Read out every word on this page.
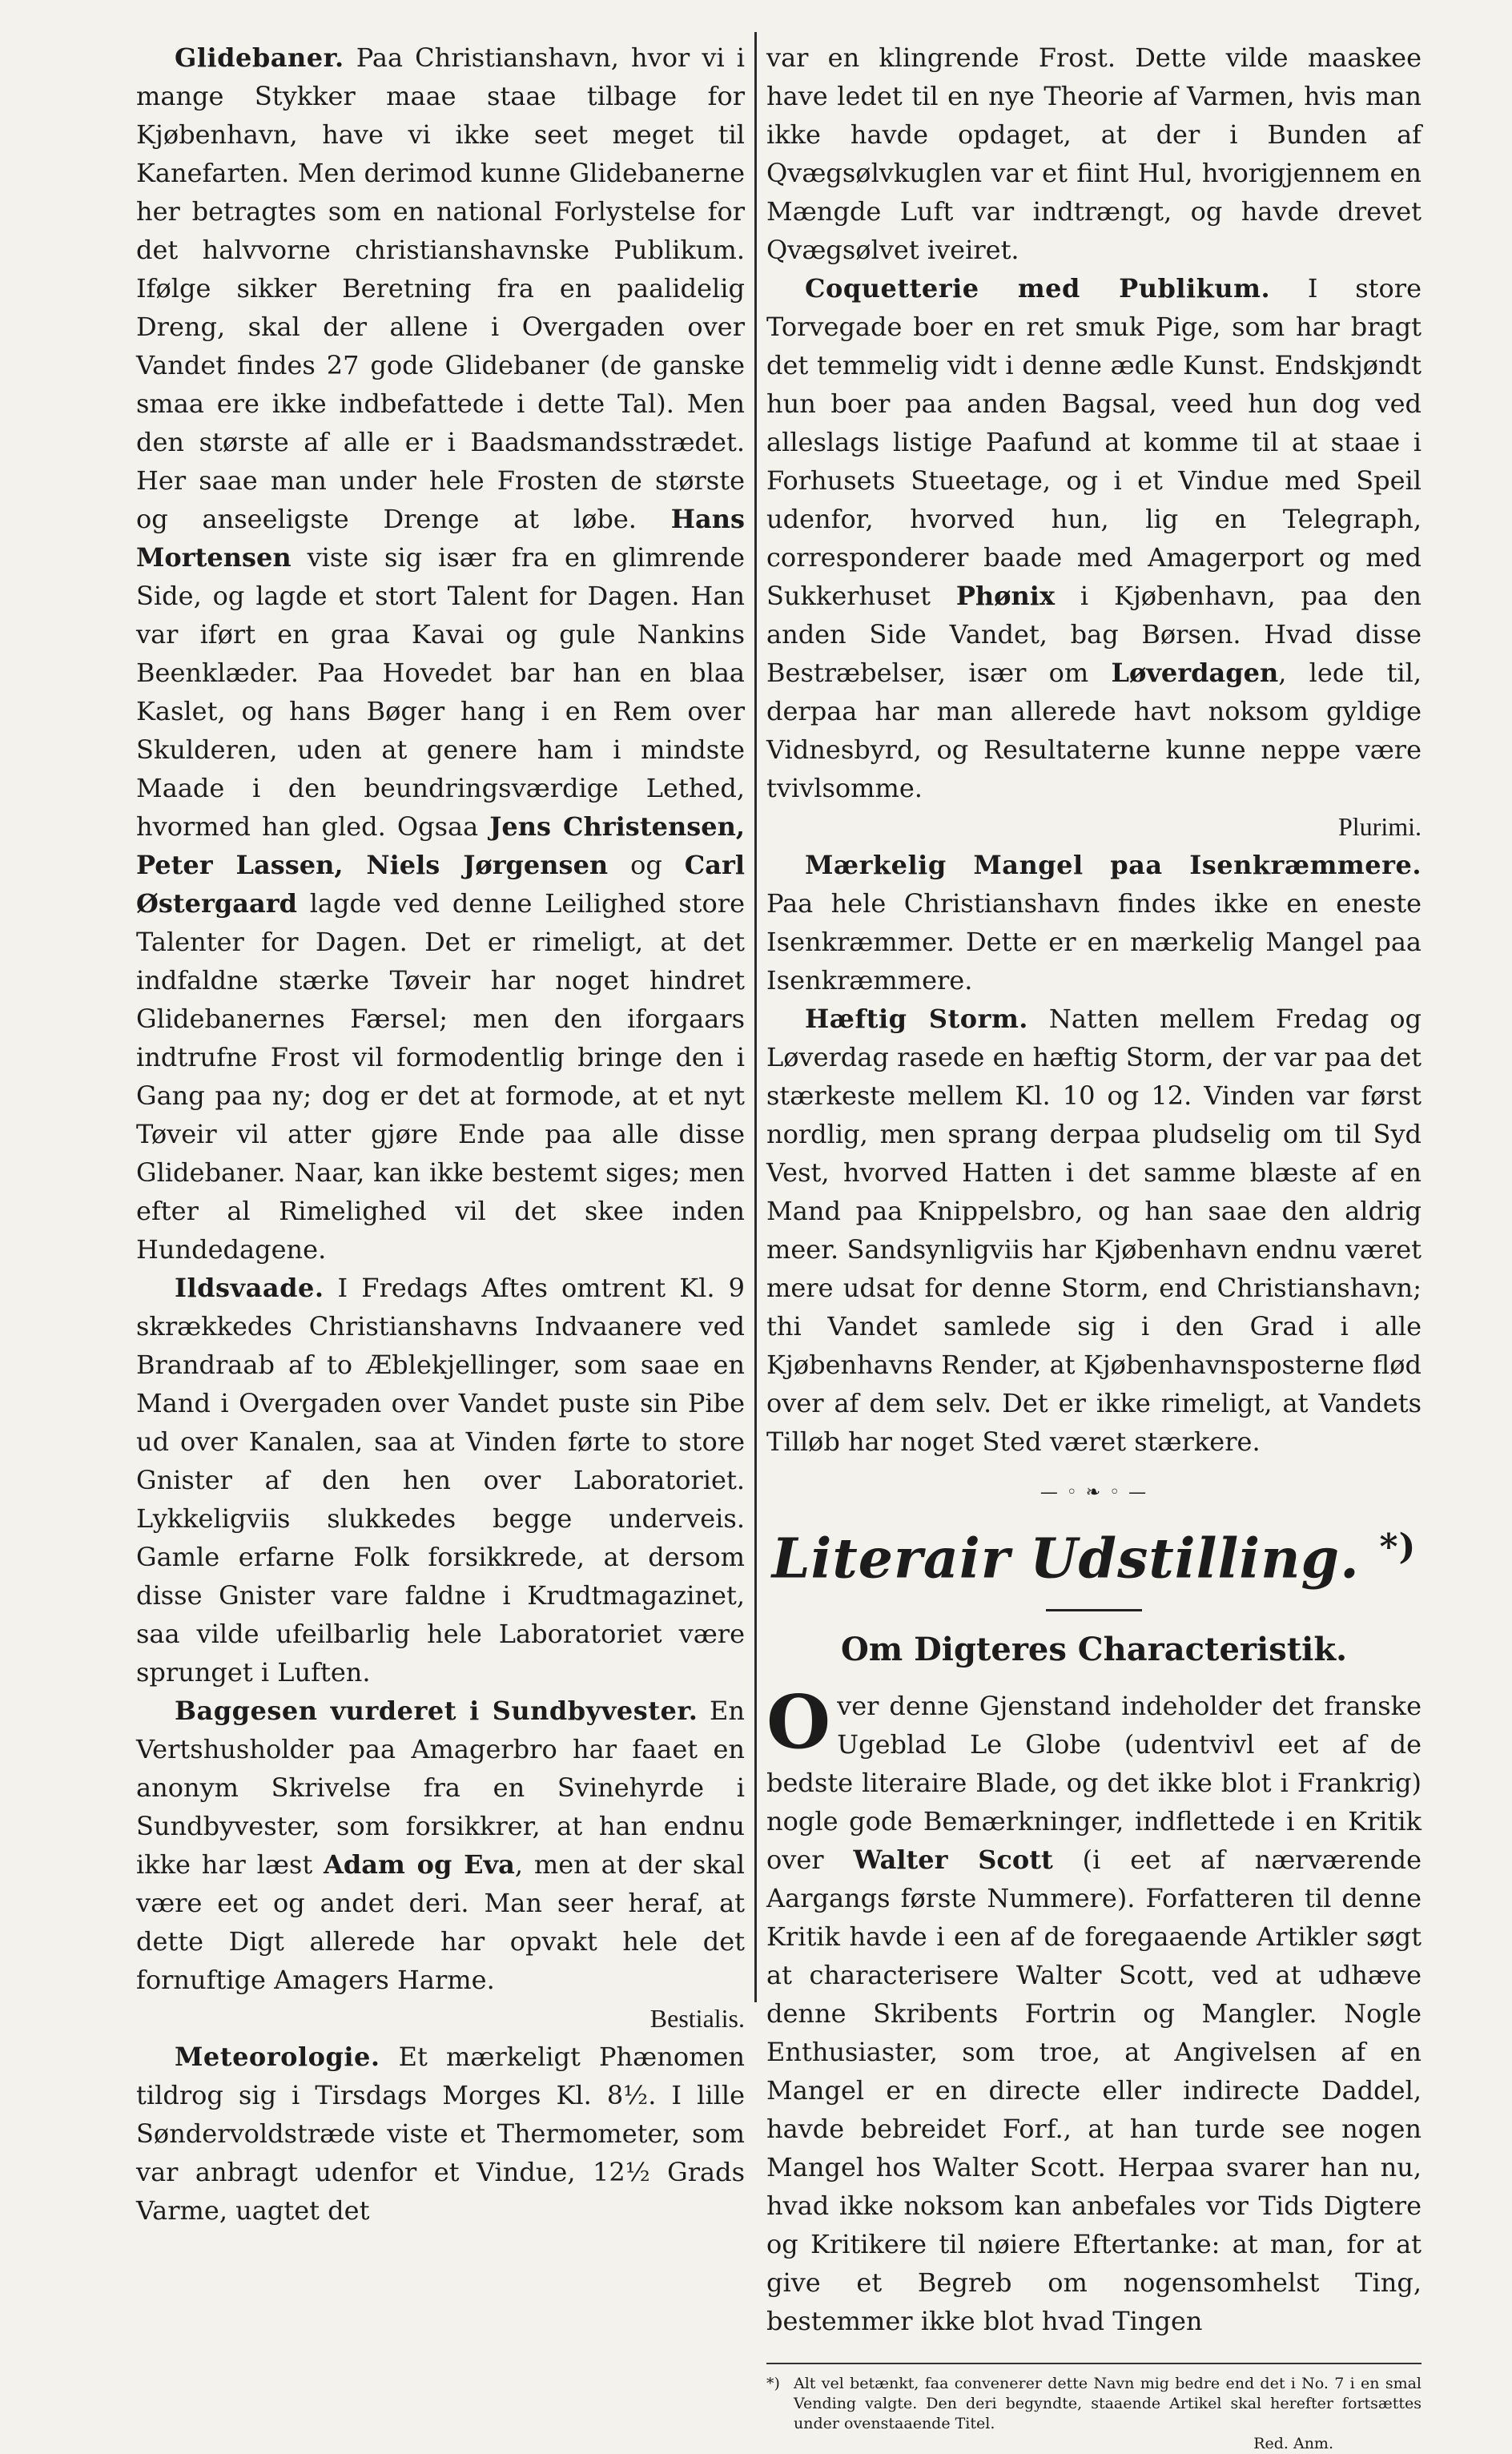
Glidebaner. Paa Christianshavn, hvor vi i mange Stykker maae staae tilbage for Kjøbenhavn, have vi ikke seet meget til Kanefarten. Men derimod kunne Glidebanerne her betragtes som en national Forlystelse for det halvvorne christianshavnske Publikum. Ifølge sikker Beretning fra en paalidelig Dreng, skal der allene i Overgaden over Vandet findes 27 gode Glidebaner (de ganske smaa ere ikke indbefattede i dette Tal). Men den største af alle er i Baadsmandsstrædet. Her saae man under hele Frosten de største og anseeligste Drenge at løbe. Hans Mortensen viste sig især fra en glimrende Side, og lagde et stort Talent for Dagen. Han var iført en graa Kavai og gule Nankins Beenklæder. Paa Hovedet bar han en blaa Kaslet, og hans Bøger hang i en Rem over Skulderen, uden at genere ham i mindste Maade i den beundringsværdige Lethed, hvormed han gled. Ogsaa Jens Christensen, Peter Lassen, Niels Jørgensen og Carl Østergaard lagde ved denne Leilighed store Talenter for Dagen. Det er rimeligt, at det indfaldne stærke Tøveir har noget hindret Glidebanernes Færsel; men den iforgaars indtrufne Frost vil formodentlig bringe den i Gang paa ny; dog er det at formode, at et nyt Tøveir vil atter gjøre Ende paa alle disse Glidebaner. Naar, kan ikke bestemt siges; men efter al Rimelighed vil det skee inden Hundedagene.

Ildsvaade. I Fredags Aftes omtrent Kl. 9 skrækkedes Christianshavns Indvaanere ved Brandraab af to Æblekjellinger, som saae en Mand i Overgaden over Vandet puste sin Pibe ud over Kanalen, saa at Vinden førte to store Gnister af den hen over Laboratoriet. Lykkeligviis slukkedes begge underveis. Gamle erfarne Folk forsikkrede, at dersom disse Gnister vare faldne i Krudtmagazinet, saa vilde ufeilbarlig hele Laboratoriet være sprunget i Luften.

Baggesen vurderet i Sundbyvester. En Vertshusholder paa Amagerbro har faaet en anonym Skrivelse fra en Svinehyrde i Sundbyvester, som forsikkrer, at han endnu ikke har læst Adam og Eva, men at der skal være eet og andet deri. Man seer heraf, at dette Digt allerede har opvakt hele det fornuftige Amagers Harme.

Bestialis.

Meteorologie. Et mærkeligt Phænomen tildrog sig i Tirsdags Morges Kl. 8½. I lille Søndervoldstræde viste et Thermometer, som var anbragt udenfor et Vindue, 12½ Grads Varme, uagtet det

var en klingrende Frost. Dette vilde maaskee have ledet til en nye Theorie af Varmen, hvis man ikke havde opdaget, at der i Bunden af Qvægsølvkuglen var et fiint Hul, hvorigjennem en Mængde Luft var indtrængt, og havde drevet Qvægsølvet iveiret.

Coquetterie med Publikum. I store Torvegade boer en ret smuk Pige, som har bragt det temmelig vidt i denne ædle Kunst. Endskjøndt hun boer paa anden Bagsal, veed hun dog ved alleslags listige Paafund at komme til at staae i Forhusets Stueetage, og i et Vindue med Speil udenfor, hvorved hun, lig en Telegraph, corresponderer baade med Amagerport og med Sukkerhuset Phønix i Kjøbenhavn, paa den anden Side Vandet, bag Børsen. Hvad disse Bestræbelser, især om Løverdagen, lede til, derpaa har man allerede havt noksom gyldige Vidnesbyrd, og Resultaterne kunne neppe være tvivlsomme.

Plurimi.

Mærkelig Mangel paa Isenkræmmere. Paa hele Christianshavn findes ikke en eneste Isenkræmmer. Dette er en mærkelig Mangel paa Isenkræmmere.

Hæftig Storm. Natten mellem Fredag og Løverdag rasede en hæftig Storm, der var paa det stærkeste mellem Kl. 10 og 12. Vinden var først nordlig, men sprang derpaa pludselig om til Syd Vest, hvorved Hatten i det samme blæste af en Mand paa Knippelsbro, og han saae den aldrig meer. Sandsynligviis har Kjøbenhavn endnu været mere udsat for denne Storm, end Christianshavn; thi Vandet samlede sig i den Grad i alle Kjøbenhavns Render, at Kjøbenhavnsposterne flød over af dem selv. Det er ikke rimeligt, at Vandets Tilløb har noget Sted været stærkere.

— ◦ ❧ ◦ —
Literair Udstilling. *)
Om Digteres Characteristik.

O ver denne Gjenstand indeholder det franske Ugeblad Le Globe (udentvivl eet af de bedste literaire Blade, og det ikke blot i Frankrig) nogle gode Bemærkninger, indflettede i en Kritik over Walter Scott (i eet af nærværende Aargangs første Nummere). Forfatteren til denne Kritik havde i een af de foregaaende Artikler søgt at characterisere Walter Scott, ved at udhæve denne Skribents Fortrin og Mangler. Nogle Enthusiaster, som troe, at Angivelsen af en Mangel er en directe eller indirecte Daddel, havde bebreidet Forf., at han turde see nogen Mangel hos Walter Scott. Herpaa svarer han nu, hvad ikke noksom kan anbefales vor Tids Digtere og Kritikere til nøiere Eftertanke: at man, for at give et Begreb om nogensomhelst Ting, bestemmer ikke blot hvad Tingen

*) Alt vel betænkt, faa convenerer dette Navn mig bedre end det i No. 7 i en smal Vending valgte. Den deri begyndte, staaende Artikel skal herefter fortsættes under ovenstaaende Titel.
Red. Anm.
